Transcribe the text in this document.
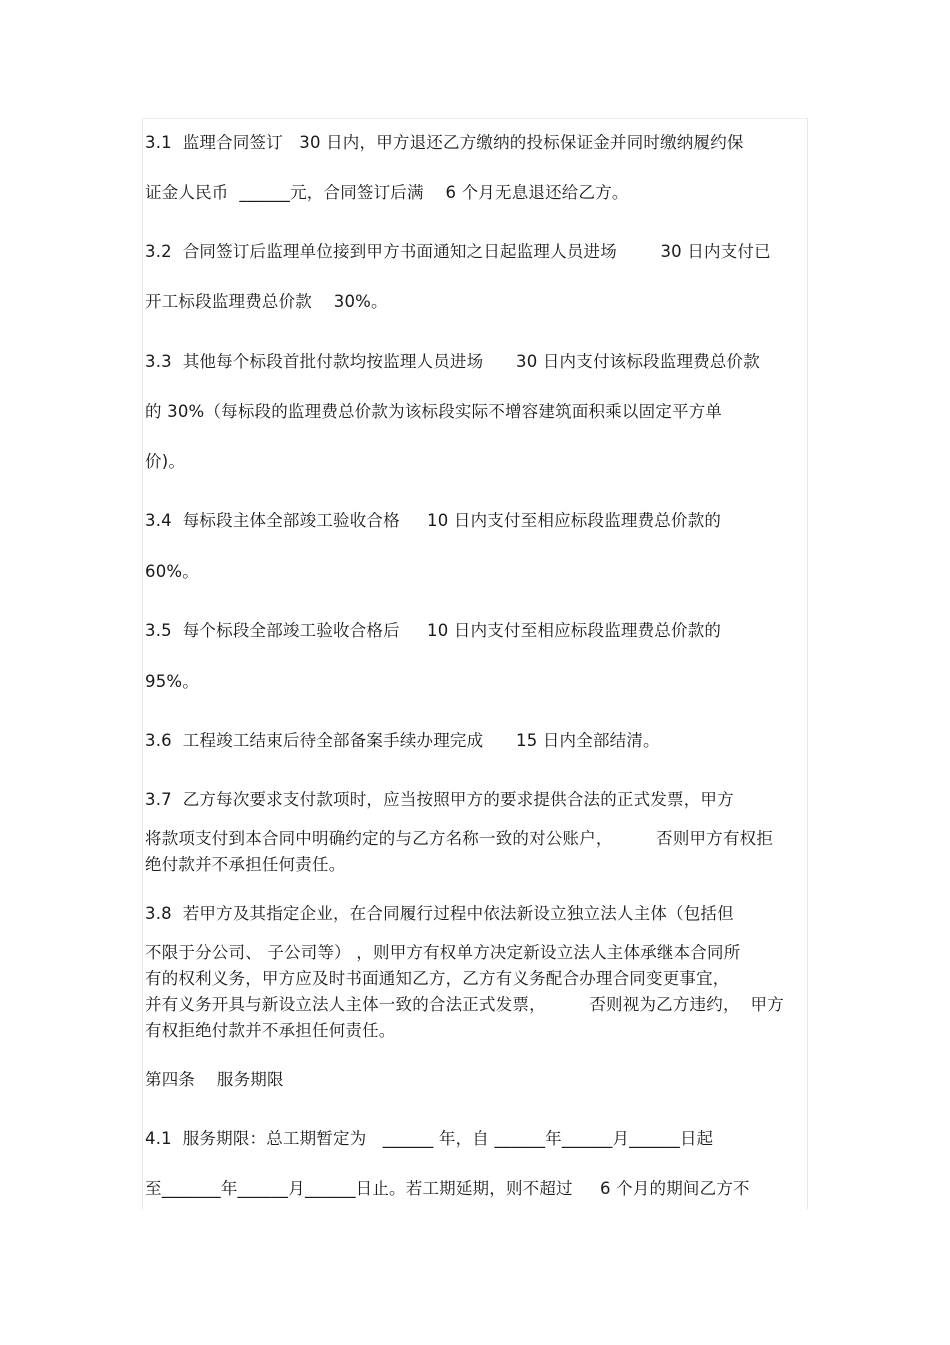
3.1  监理合同签订   30 日内，甲方退还乙方缴纳的投标保证金并同时缴纳履约保
证金人民币  ______元，合同签订后满    6 个月无息退还给乙方。
3.2  合同签订后监理单位接到甲方书面通知之日起监理人员进场        30 日内支付已
开工标段监理费总价款    30%。
3.3  其他每个标段首批付款均按监理人员进场      30 日内支付该标段监理费总价款
的 30%（每标段的监理费总价款为该标段实际不增容建筑面积乘以固定平方单
价)。
3.4  每标段主体全部竣工验收合格     10 日内支付至相应标段监理费总价款的
60%。
3.5  每个标段全部竣工验收合格后     10 日内支付至相应标段监理费总价款的
95%。
3.6  工程竣工结束后待全部备案手续办理完成      15 日内全部结清。
3.7  乙方每次要求支付款项时，应当按照甲方的要求提供合法的正式发票，甲方
将款项支付到本合同中明确约定的与乙方名称一致的对公账户，        否则甲方有权拒
绝付款并不承担任何责任。
3.8  若甲方及其指定企业，在合同履行过程中依法新设立独立法人主体（包括但
不限于分公司、 子公司等） ，则甲方有权单方决定新设立法人主体承继本合同所
有的权利义务，甲方应及时书面通知乙方，乙方有义务配合办理合同变更事宜，
并有义务开具与新设立法人主体一致的合法正式发票，        否则视为乙方违约，  甲方
有权拒绝付款并不承担任何责任。
第四条    服务期限
4.1  服务期限：总工期暂定为   ______ 年，自 ______年______月______日起
至_______年______月______日止。若工期延期，则不超过     6 个月的期间乙方不
